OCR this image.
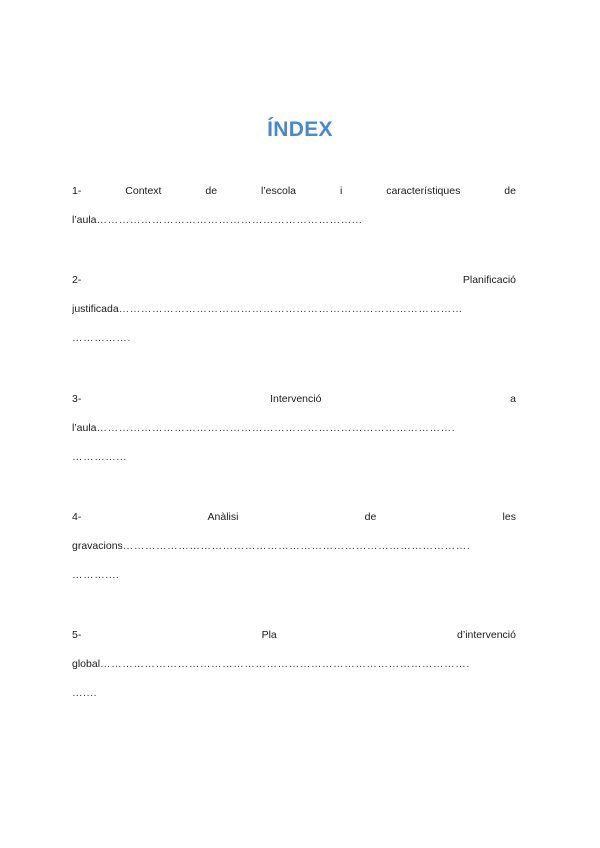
ÍNDEX
1-	Context	de	l’escola	i	característiques	de
l’aula ……………………………………………………………...
2-	Planificació
justificada …………………………………………………………………………………
…………….
3-	Intervenció	a
l’aula …………………………………………………………………………………….
…………...
4-	Anàlisi	de	les
gravacions ………………………………………………………………………………….
………....
5-	Pla	d’intervenció
global ……………………………………………………………………………………….
…....
